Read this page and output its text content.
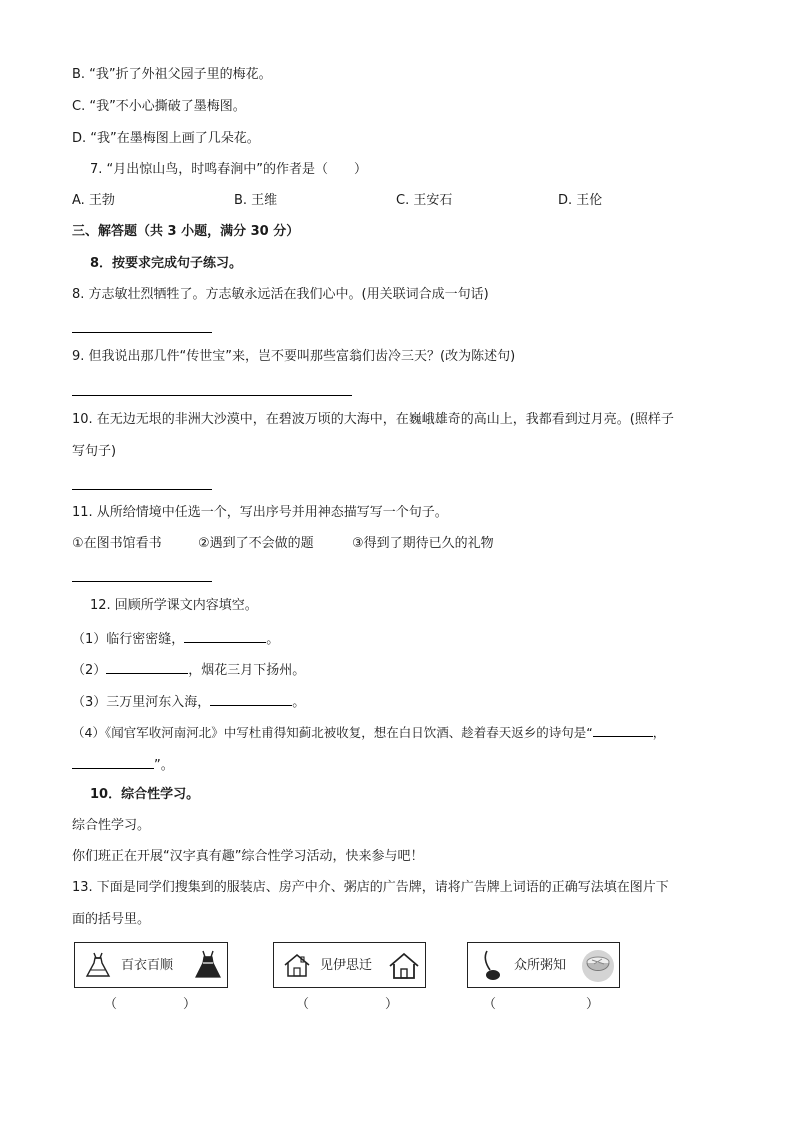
B. “我”折了外祖父园子里的梅花。
C. “我”不小心撕破了墨梅图。
D. “我”在墨梅图上画了几朵花。
7. “月出惊山鸟，时鸣春涧中”的作者是（　　）
A. 王勃	B. 王维	C. 王安石	D. 王伦
三、解答题（共 3 小题，满分 30 分）
8．按要求完成句子练习。
8. 方志敏壮烈牺牲了。方志敏永远活在我们心中。(用关联词合成一句话)
9. 但我说出那几件“传世宝”来，岂不要叫那些富翁们齿冷三天？(改为陈述句)
10. 在无边无垠的非洲大沙漠中，在碧波万顷的大海中，在巍峨雄奇的高山上，我都看到过月亮。(照样子
写句子)
11. 从所给情境中任选一个，写出序号并用神态描写写一个句子。
①在图书馆看书	②遇到了不会做的题	③得到了期待已久的礼物
12. 回顾所学课文内容填空。
（1）临行密密缝，	。
（2）	，烟花三月下扬州。
（3）三万里河东入海，	。
（4）《闻官军收河南河北》中写杜甫得知蓟北被收复，想在白日饮酒、趁着春天返乡的诗句是“	，
”。
10．综合性学习。
综合性学习。
你们班正在开展“汉字真有趣”综合性学习活动，快来参与吧！
13. 下面是同学们搜集到的服装店、房产中介、粥店的广告牌，请将广告牌上词语的正确写法填在图片下
面的括号里。
百衣百顺	见伊思迁	众所粥知
（	）	（	）	（	）
